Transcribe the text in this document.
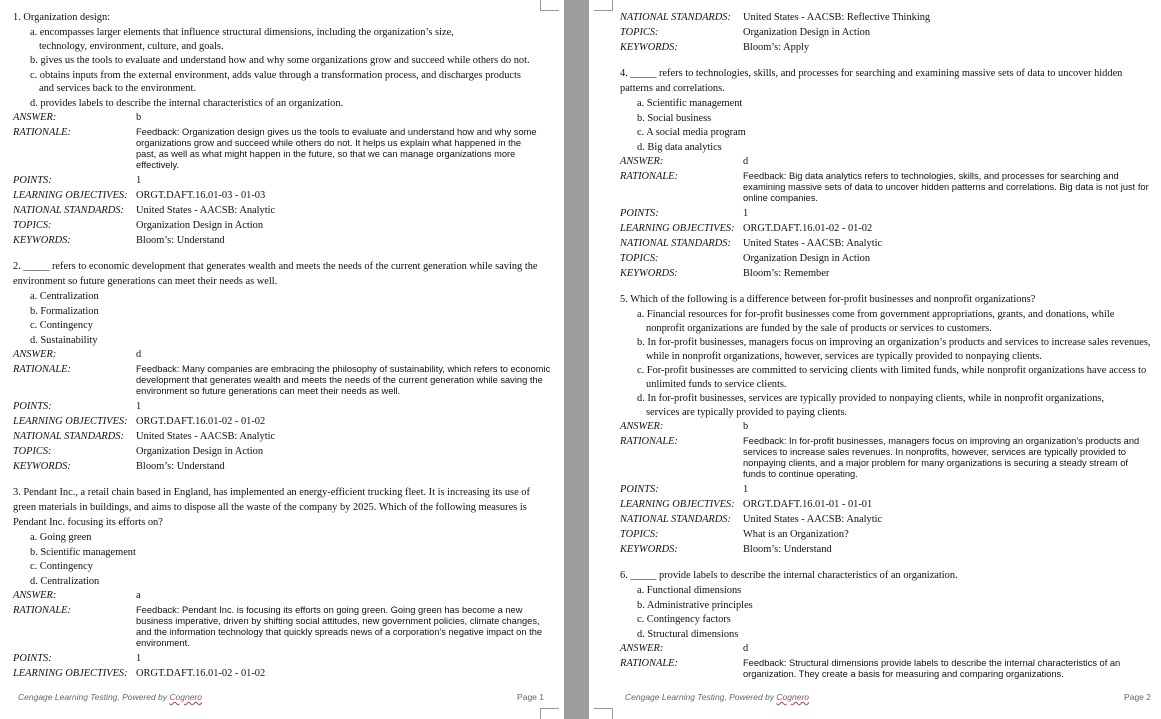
1. Organization design:
a. encompasses larger elements that influence structural dimensions, including the organization’s size, technology, environment, culture, and goals.
b. gives us the tools to evaluate and understand how and why some organizations grow and succeed while others do not.
c. obtains inputs from the external environment, adds value through a transformation process, and discharges products and services back to the environment.
d. provides labels to describe the internal characteristics of an organization.
ANSWER:	b
RATIONALE:	Feedback: Organization design gives us the tools to evaluate and understand how and why some organizations grow and succeed while others do not. It helps us explain what happened in the past, as well as what might happen in the future, so that we can manage organizations more effectively.
POINTS:	1
LEARNING OBJECTIVES: ORGT.DAFT.16.01-03 - 01-03
NATIONAL STANDARDS:	United States - AACSB: Analytic
TOPICS:	Organization Design in Action
KEYWORDS:	Bloom’s: Understand
2. _____ refers to economic development that generates wealth and meets the needs of the current generation while saving the environment so future generations can meet their needs as well.
a. Centralization
b. Formalization
c. Contingency
d. Sustainability
ANSWER:	d
RATIONALE:	Feedback: Many companies are embracing the philosophy of sustainability, which refers to economic development that generates wealth and meets the needs of the current generation while saving the environment so future generations can meet their needs as well.
POINTS:	1
LEARNING OBJECTIVES: ORGT.DAFT.16.01-02 - 01-02
NATIONAL STANDARDS:	United States - AACSB: Analytic
TOPICS:	Organization Design in Action
KEYWORDS:	Bloom’s: Understand
3. Pendant Inc., a retail chain based in England, has implemented an energy-efficient trucking fleet. It is increasing its use of green materials in buildings, and aims to dispose all the waste of the company by 2025. Which of the following measures is Pendant Inc. focusing its efforts on?
a. Going green
b. Scientific management
c. Contingency
d. Centralization
ANSWER:	a
RATIONALE:	Feedback: Pendant Inc. is focusing its efforts on going green. Going green has become a new business imperative, driven by shifting social attitudes, new government policies, climate changes, and the information technology that quickly spreads news of a corporation’s negative impact on the environment.
POINTS:	1
LEARNING OBJECTIVES: ORGT.DAFT.16.01-02 - 01-02
Cengage Learning Testing, Powered by Cognero	Page 1
NATIONAL STANDARDS:	United States - AACSB: Reflective Thinking
TOPICS:	Organization Design in Action
KEYWORDS:	Bloom’s: Apply
4. _____ refers to technologies, skills, and processes for searching and examining massive sets of data to uncover hidden patterns and correlations.
a. Scientific management
b. Social business
c. A social media program
d. Big data analytics
ANSWER:	d
RATIONALE:	Feedback: Big data analytics refers to technologies, skills, and processes for searching and examining massive sets of data to uncover hidden patterns and correlations. Big data is not just for online companies.
POINTS:	1
LEARNING OBJECTIVES: ORGT.DAFT.16.01-02 - 01-02
NATIONAL STANDARDS:	United States - AACSB: Analytic
TOPICS:	Organization Design in Action
KEYWORDS:	Bloom’s: Remember
5. Which of the following is a difference between for-profit businesses and nonprofit organizations?
a. Financial resources for for-profit businesses come from government appropriations, grants, and donations, while nonprofit organizations are funded by the sale of products or services to customers.
b. In for-profit businesses, managers focus on improving an organization’s products and services to increase sales revenues, while in nonprofit organizations, however, services are typically provided to nonpaying clients.
c. For-profit businesses are committed to servicing clients with limited funds, while nonprofit organizations have access to unlimited funds to service clients.
d. In for-profit businesses, services are typically provided to nonpaying clients, while in nonprofit organizations, services are typically provided to paying clients.
ANSWER:	b
RATIONALE:	Feedback: In for-profit businesses, managers focus on improving an organization’s products and services to increase sales revenues. In nonprofits, however, services are typically provided to nonpaying clients, and a major problem for many organizations is securing a steady stream of funds to continue operating.
POINTS:	1
LEARNING OBJECTIVES: ORGT.DAFT.16.01-01 - 01-01
NATIONAL STANDARDS:	United States - AACSB: Analytic
TOPICS:	What is an Organization?
KEYWORDS:	Bloom’s: Understand
6. _____ provide labels to describe the internal characteristics of an organization.
a. Functional dimensions
b. Administrative principles
c. Contingency factors
d. Structural dimensions
ANSWER:	d
RATIONALE:	Feedback: Structural dimensions provide labels to describe the internal characteristics of an organization. They create a basis for measuring and comparing organizations.
Cengage Learning Testing, Powered by Cognero	Page 2
